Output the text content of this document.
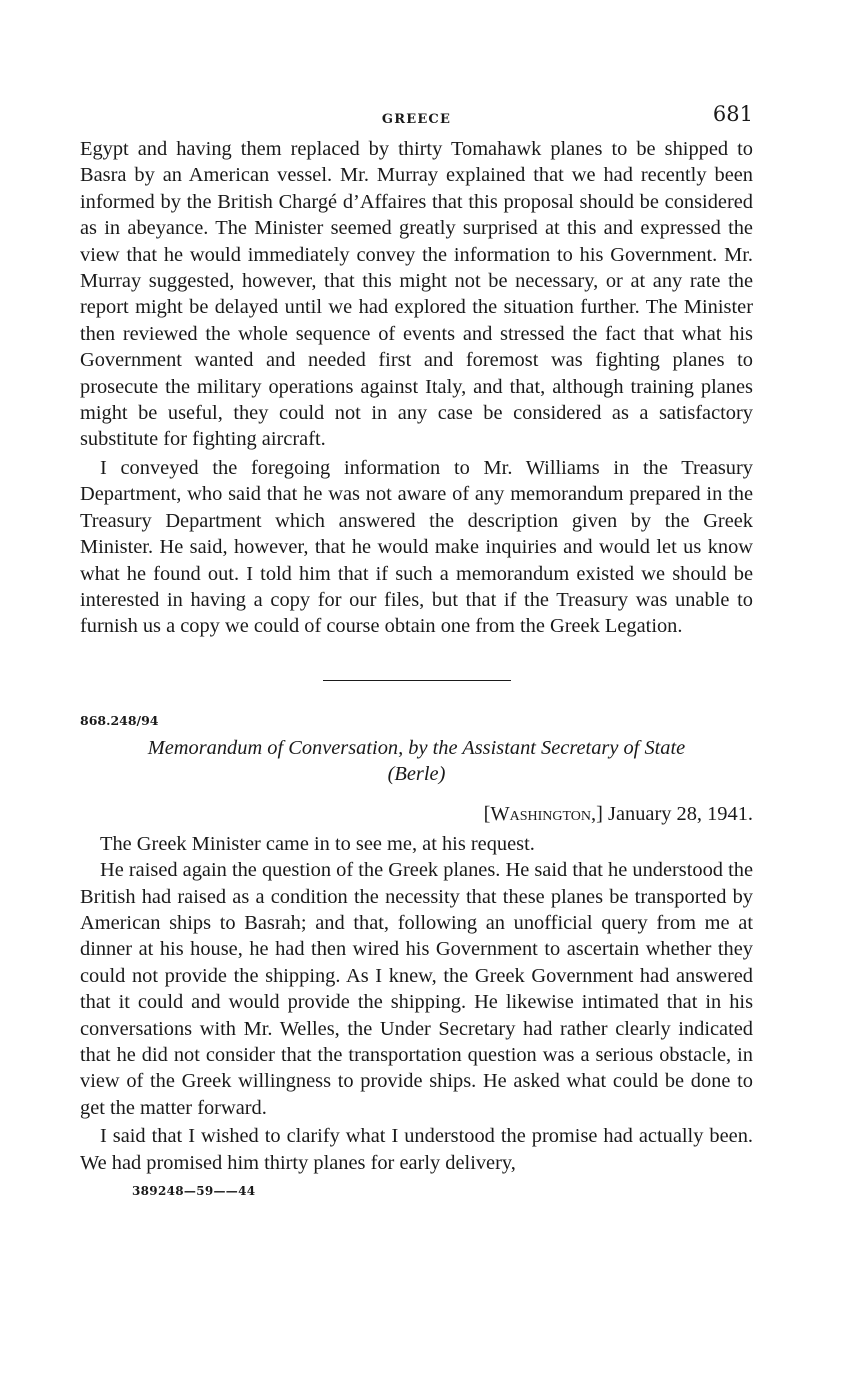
GREECE	681

Egypt and having them replaced by thirty Tomahawk planes to be shipped to Basra by an American vessel. Mr. Murray explained that we had recently been informed by the British Chargé d’Affaires that this proposal should be considered as in abeyance. The Minister seemed greatly surprised at this and expressed the view that he would immediately convey the information to his Government. Mr. Murray suggested, however, that this might not be necessary, or at any rate the report might be delayed until we had explored the situation further. The Minister then reviewed the whole sequence of events and stressed the fact that what his Government wanted and needed first and foremost was fighting planes to prosecute the military operations against Italy, and that, although training planes might be useful, they could not in any case be considered as a satisfactory substitute for fighting aircraft.

I conveyed the foregoing information to Mr. Williams in the Treasury Department, who said that he was not aware of any memorandum prepared in the Treasury Department which answered the description given by the Greek Minister. He said, however, that he would make inquiries and would let us know what he found out. I told him that if such a memorandum existed we should be interested in having a copy for our files, but that if the Treasury was unable to furnish us a copy we could of course obtain one from the Greek Legation.

868.248/94
Memorandum of Conversation, by the Assistant Secretary of State
(Berle)
[Washington,] January 28, 1941.

The Greek Minister came in to see me, at his request.

He raised again the question of the Greek planes. He said that he understood the British had raised as a condition the necessity that these planes be transported by American ships to Basrah; and that, following an unofficial query from me at dinner at his house, he had then wired his Government to ascertain whether they could not provide the shipping. As I knew, the Greek Government had answered that it could and would provide the shipping. He likewise intimated that in his conversations with Mr. Welles, the Under Secretary had rather clearly indicated that he did not consider that the transportation question was a serious obstacle, in view of the Greek willingness to provide ships. He asked what could be done to get the matter forward.

I said that I wished to clarify what I understood the promise had actually been. We had promised him thirty planes for early delivery,

389248—59——44
